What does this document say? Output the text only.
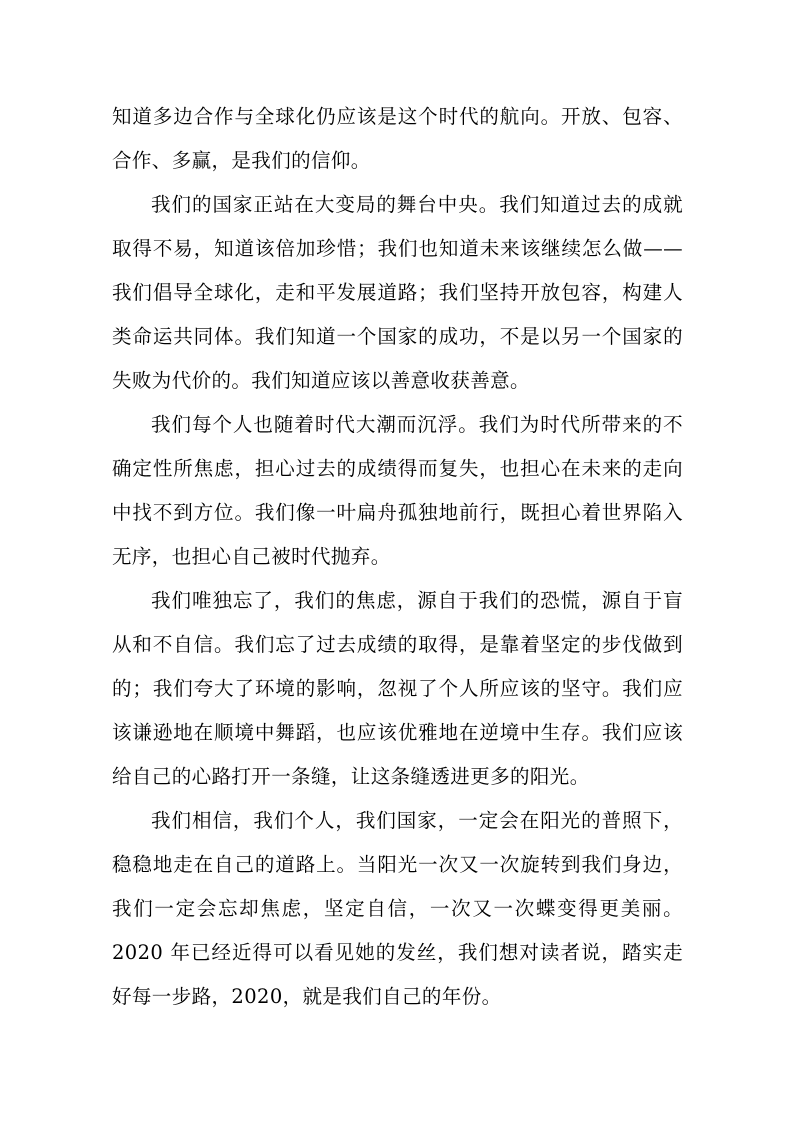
知道多边合作与全球化仍应该是这个时代的航向。开放、包容、合作、多赢，是我们的信仰。

我们的国家正站在大变局的舞台中央。我们知道过去的成就取得不易，知道该倍加珍惜；我们也知道未来该继续怎么做——我们倡导全球化，走和平发展道路；我们坚持开放包容，构建人类命运共同体。我们知道一个国家的成功，不是以另一个国家的失败为代价的。我们知道应该以善意收获善意。

我们每个人也随着时代大潮而沉浮。我们为时代所带来的不确定性所焦虑，担心过去的成绩得而复失，也担心在未来的走向中找不到方位。我们像一叶扁舟孤独地前行，既担心着世界陷入无序，也担心自己被时代抛弃。

我们唯独忘了，我们的焦虑，源自于我们的恐慌，源自于盲从和不自信。我们忘了过去成绩的取得，是靠着坚定的步伐做到的；我们夸大了环境的影响，忽视了个人所应该的坚守。我们应该谦逊地在顺境中舞蹈，也应该优雅地在逆境中生存。我们应该给自己的心路打开一条缝，让这条缝透进更多的阳光。

我们相信，我们个人，我们国家，一定会在阳光的普照下，稳稳地走在自己的道路上。当阳光一次又一次旋转到我们身边，我们一定会忘却焦虑，坚定自信，一次又一次蝶变得更美丽。2020 年已经近得可以看见她的发丝，我们想对读者说，踏实走好每一步路，2020，就是我们自己的年份。
